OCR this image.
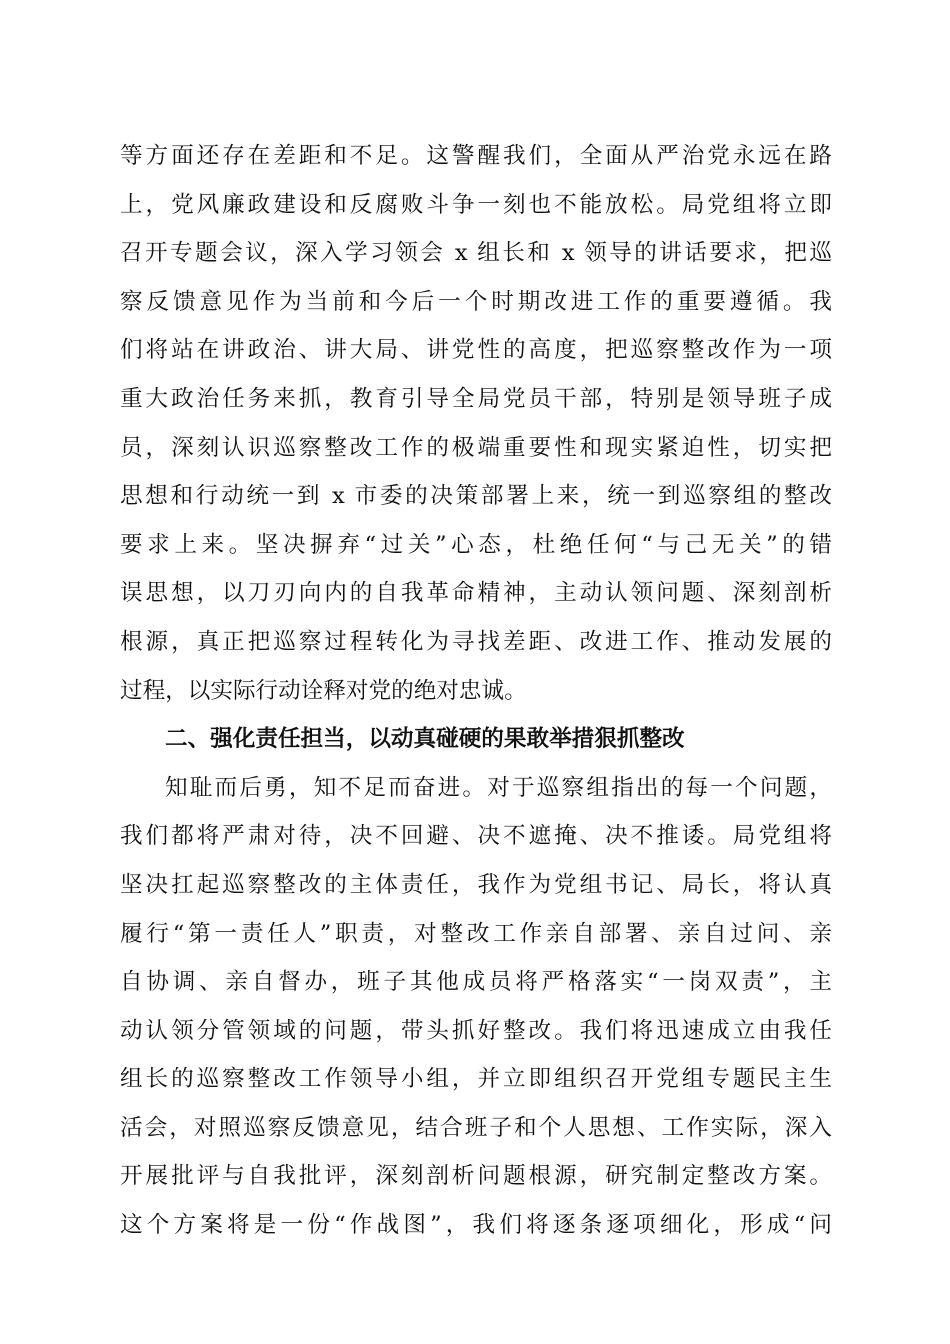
等方面还存在差距和不足。这警醒我们，全面从严治党永远在路
上，党风廉政建设和反腐败斗争一刻也不能放松。局党组将立即
召开专题会议，深入学习领会 x 组长和 x 领导的讲话要求，把巡
察反馈意见作为当前和今后一个时期改进工作的重要遵循。我
们将站在讲政治、讲大局、讲党性的高度，把巡察整改作为一项
重大政治任务来抓，教育引导全局党员干部，特别是领导班子成
员，深刻认识巡察整改工作的极端重要性和现实紧迫性，切实把
思想和行动统一到 x 市委的决策部署上来，统一到巡察组的整改
要求上来。坚决摒弃“过关”心态，杜绝任何“与己无关”的错
误思想，以刀刃向内的自我革命精神，主动认领问题、深刻剖析
根源，真正把巡察过程转化为寻找差距、改进工作、推动发展的
过程，以实际行动诠释对党的绝对忠诚。
二、强化责任担当，以动真碰硬的果敢举措狠抓整改
知耻而后勇，知不足而奋进。对于巡察组指出的每一个问题，
我们都将严肃对待，决不回避、决不遮掩、决不推诿。局党组将
坚决扛起巡察整改的主体责任，我作为党组书记、局长，将认真
履行“第一责任人”职责，对整改工作亲自部署、亲自过问、亲
自协调、亲自督办，班子其他成员将严格落实“一岗双责”，主
动认领分管领域的问题，带头抓好整改。我们将迅速成立由我任
组长的巡察整改工作领导小组，并立即组织召开党组专题民主生
活会，对照巡察反馈意见，结合班子和个人思想、工作实际，深入
开展批评与自我批评，深刻剖析问题根源，研究制定整改方案。
这个方案将是一份“作战图”，我们将逐条逐项细化，形成“问
